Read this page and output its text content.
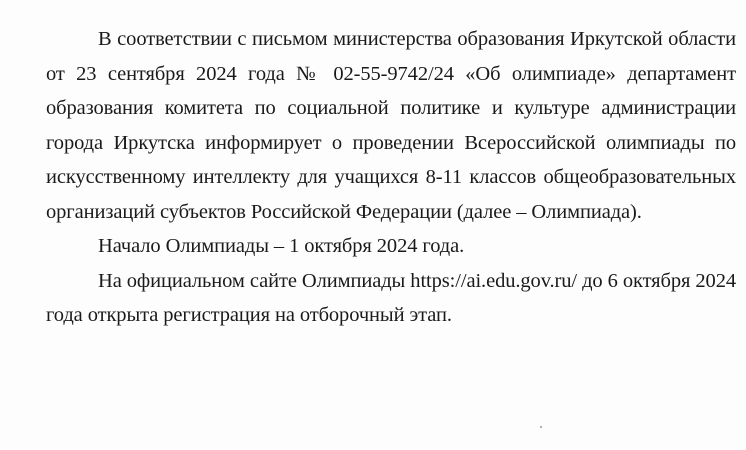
В соответствии с письмом министерства образования Иркутской области от 23 сентября 2024 года № 02-55-9742/24 «Об олимпиаде» департамент образования комитета по социальной политике и культуре администрации города Иркутска информирует о проведении Всероссийской олимпиады по искусственному интеллекту для учащихся 8-11 классов общеобразовательных организаций субъектов Российской Федерации (далее – Олимпиада).

Начало Олимпиады – 1 октября 2024 года.

На официальном сайте Олимпиады https://ai.edu.gov.ru/ до 6 октября 2024 года открыта регистрация на отборочный этап.
